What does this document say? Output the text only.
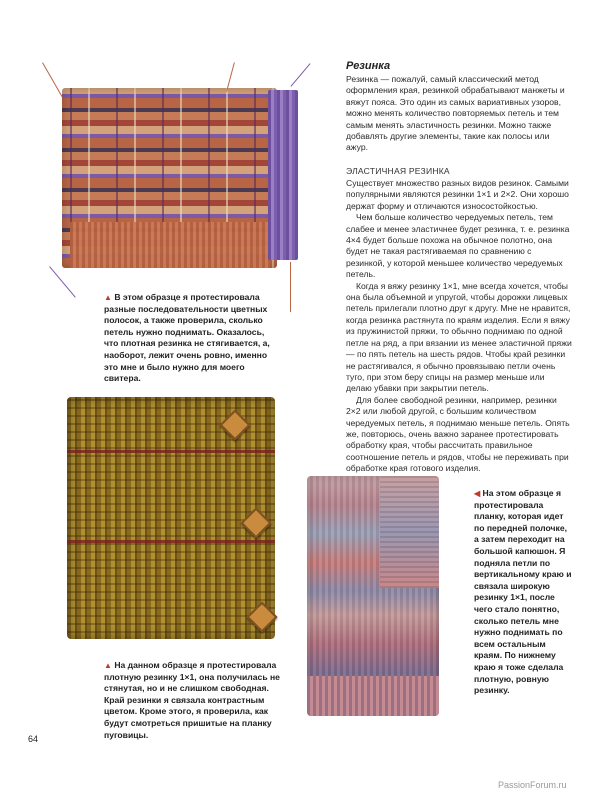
▲ В этом образце я протестировала разные последовательности цветных полосок, а также проверила, сколько петель нужно поднимать. Оказалось, что плотная резинка не стягивается, а, наоборот, лежит очень ровно, именно это мне и было нужно для моего свитера.
Резинка

Резинка — пожалуй, самый классический метод оформления края, резинкой обрабатывают манжеты и вяжут пояса. Это один из самых вариативных узоров, можно менять количество повторяемых петель и тем самым менять эластичность резинки. Можно также добавлять другие элементы, такие как полосы или ажур.

ЭЛАСТИЧНАЯ РЕЗИНКА

Существует множество разных видов резинок. Самыми популярными являются резинки 1×1 и 2×2. Они хорошо держат форму и отличаются износостойкостью.

Чем больше количество чередуемых петель, тем слабее и менее эластичнее будет резинка, т. е. резинка 4×4 будет больше похожа на обычное полотно, она будет не такая растягиваемая по сравнению с резинкой, у которой меньшее количество чередуемых петель.

Когда я вяжу резинку 1×1, мне всегда хочется, чтобы она была объемной и упругой, чтобы дорожки лицевых петель прилегали плотно друг к другу. Мне не нравится, когда резинка растянута по краям изделия. Если я вяжу из пружинистой пряжи, то обычно поднимаю по одной петле на ряд, а при вязании из менее эластичной пряжи — по пять петель на шесть рядов. Чтобы край резинки не растягивался, я обычно провязываю петли очень туго, при этом беру спицы на размер меньше или делаю убавки при закрытии петель.

Для более свободной резинки, например, резинки 2×2 или любой другой, с большим количеством чередуемых петель, я поднимаю меньше петель. Опять же, повторюсь, очень важно заранее протестировать обработку края, чтобы рассчитать правильное соотношение петель и рядов, чтобы не переживать при обработке края готового изделия.

▲ На данном образце я протестировала плотную резинку 1×1, она получилась не стянутая, но и не слишком свободная. Край резинки я связала контрастным цветом. Кроме этого, я проверила, как будут смотреться пришитые на планку пуговицы.
◀ На этом образце я протестировала планку, которая идет по передней полочке, а затем переходит на большой капюшон. Я подняла петли по вертикальному краю и связала широкую резинку 1×1, после чего стало понятно, сколько петель мне нужно поднимать по всем остальным краям. По нижнему краю я тоже сделала плотную, ровную резинку.
64
PassionForum.ru
